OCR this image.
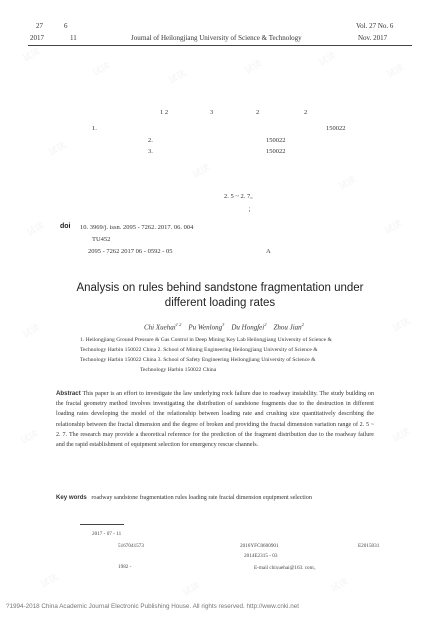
27	6
2017	11	Journal of Heilongjiang University of Science & Technology
Vol. 27 No. 6
Nov. 2017
1 2	3	2	2
1.	150022
2.	150022
3.	150022
2. 5 ~ 2. 7。
；
doi 10. 3969/j. issn. 2095 - 7262. 2017. 06. 004
TU452
2095 - 7262 2017 06 - 0592 - 05	A
Analysis on rules behind sandstone fragmentation under
different loading rates
Chi Xuehai$^{1 2}$ Pu Wenlong$^3$ Du Hongfei$^2$ Zhou Jian$^2$
1. Heilongjiang Ground Pressure & Gas Control in Deep Mining Key Lab Heilongjiang University of Science &
Technology Harbin 150022 China 2. School of Mining Engineering Heilongjiang University of Science &
Technology Harbin 150022 China 3. School of Safety Engineering Heilongjiang University of Science &
Technology Harbin 150022 China
Abstract This paper is an effort to investigate the law underlying rock failure due to roadway instability. The study building on the fractal geometry method involves investigating the distribution of sandstone fragments due to the destruction in different loading rates developing the model of the relationship between loading rate and crushing size quantitatively describing the relationship between the fractal dimension and the degree of broken and providing the fractal dimension variation range of 2. 5 ~ 2. 7. The research may provide a theoretical reference for the prediction of the fragment distribution due to the roadway failure and the rapid establishment of equipment selection for emergency rescue channels.
Key words roadway sandstone fragmentation rules loading rate fractal dimension equipment selection
2017 - 07 - 11
5167041573	2016YFC0600901	E2015031
2014E2315 - 03
1982 -	E-mail chixuehai@163. com。
?1994-2018 China Academic Journal Electronic Publishing House. All rights reserved. http://www.cnki.net
试读
试读	试读
试读	试读
试读
试读
试读
试读
试读	试读
试读	试读
试读	试读
试读	试读	试读
